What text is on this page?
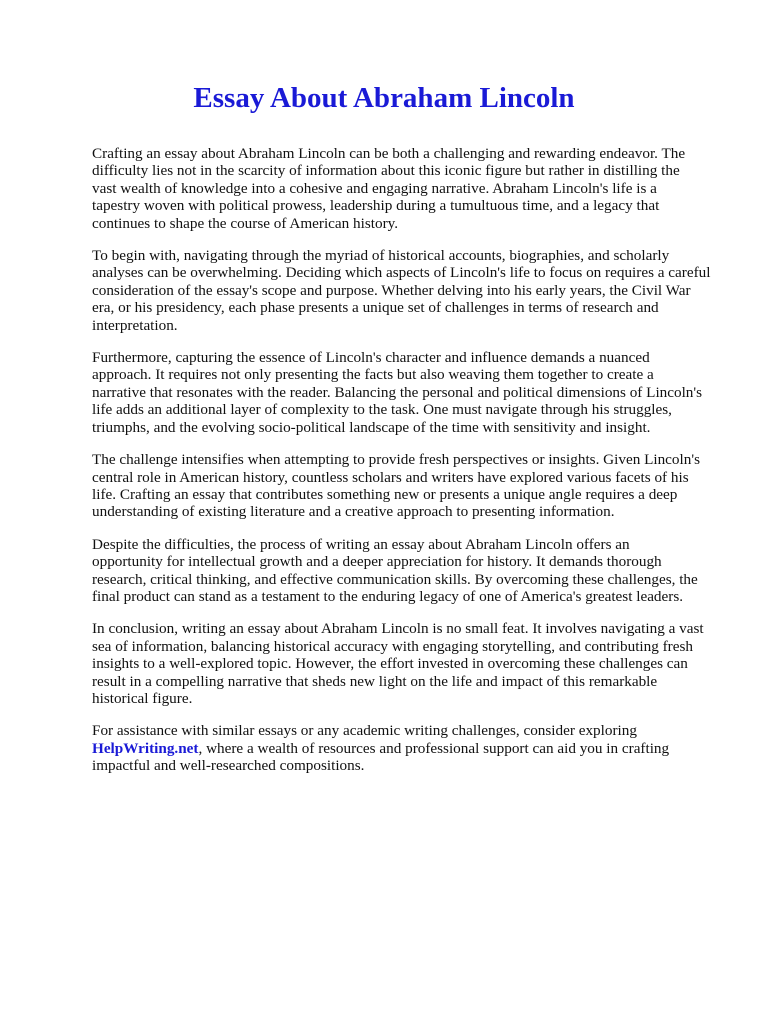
Essay About Abraham Lincoln

Crafting an essay about Abraham Lincoln can be both a challenging and rewarding endeavor. The
difficulty lies not in the scarcity of information about this iconic figure but rather in distilling the
vast wealth of knowledge into a cohesive and engaging narrative. Abraham Lincoln's life is a
tapestry woven with political prowess, leadership during a tumultuous time, and a legacy that
continues to shape the course of American history.

To begin with, navigating through the myriad of historical accounts, biographies, and scholarly
analyses can be overwhelming. Deciding which aspects of Lincoln's life to focus on requires a careful
consideration of the essay's scope and purpose. Whether delving into his early years, the Civil War
era, or his presidency, each phase presents a unique set of challenges in terms of research and
interpretation.

Furthermore, capturing the essence of Lincoln's character and influence demands a nuanced
approach. It requires not only presenting the facts but also weaving them together to create a
narrative that resonates with the reader. Balancing the personal and political dimensions of Lincoln's
life adds an additional layer of complexity to the task. One must navigate through his struggles,
triumphs, and the evolving socio-political landscape of the time with sensitivity and insight.

The challenge intensifies when attempting to provide fresh perspectives or insights. Given Lincoln's
central role in American history, countless scholars and writers have explored various facets of his
life. Crafting an essay that contributes something new or presents a unique angle requires a deep
understanding of existing literature and a creative approach to presenting information.

Despite the difficulties, the process of writing an essay about Abraham Lincoln offers an
opportunity for intellectual growth and a deeper appreciation for history. It demands thorough
research, critical thinking, and effective communication skills. By overcoming these challenges, the
final product can stand as a testament to the enduring legacy of one of America's greatest leaders.

In conclusion, writing an essay about Abraham Lincoln is no small feat. It involves navigating a vast
sea of information, balancing historical accuracy with engaging storytelling, and contributing fresh
insights to a well-explored topic. However, the effort invested in overcoming these challenges can
result in a compelling narrative that sheds new light on the life and impact of this remarkable
historical figure.

For assistance with similar essays or any academic writing challenges, consider exploring
HelpWriting.net, where a wealth of resources and professional support can aid you in crafting
impactful and well-researched compositions.
